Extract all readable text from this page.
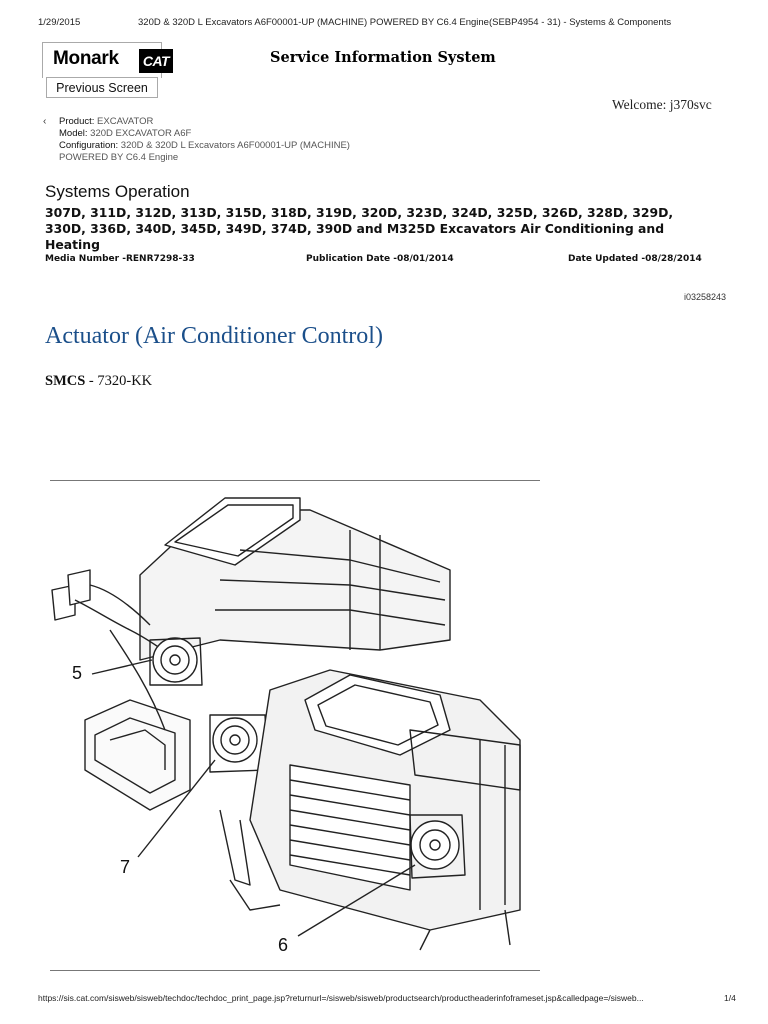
1/29/2015	320D & 320D L Excavators A6F00001-UP (MACHINE) POWERED BY C6.4 Engine(SEBP4954 - 31) - Systems & Components
Monark CAT
Previous Screen
Service Information System
Welcome: j370svc
‹	Product: EXCAVATOR
Model: 320D EXCAVATOR A6F
Configuration: 320D & 320D L Excavators A6F00001-UP (MACHINE)
POWERED BY C6.4 Engine
Systems Operation
307D, 311D, 312D, 313D, 315D, 318D, 319D, 320D, 323D, 324D, 325D, 326D, 328D, 329D,
330D, 336D, 340D, 345D, 349D, 374D, 390D and M325D Excavators Air Conditioning and
Heating
Media Number -RENR7298-33	Publication Date -08/01/2014	Date Updated -08/28/2014
i03258243
Actuator (Air Conditioner Control)
SMCS - 7320-KK
5
7
6
https://sis.cat.com/sisweb/sisweb/techdoc/techdoc_print_page.jsp?returnurl=/sisweb/sisweb/productsearch/productheaderinfoframeset.jsp&calledpage=/sisweb...	1/4
